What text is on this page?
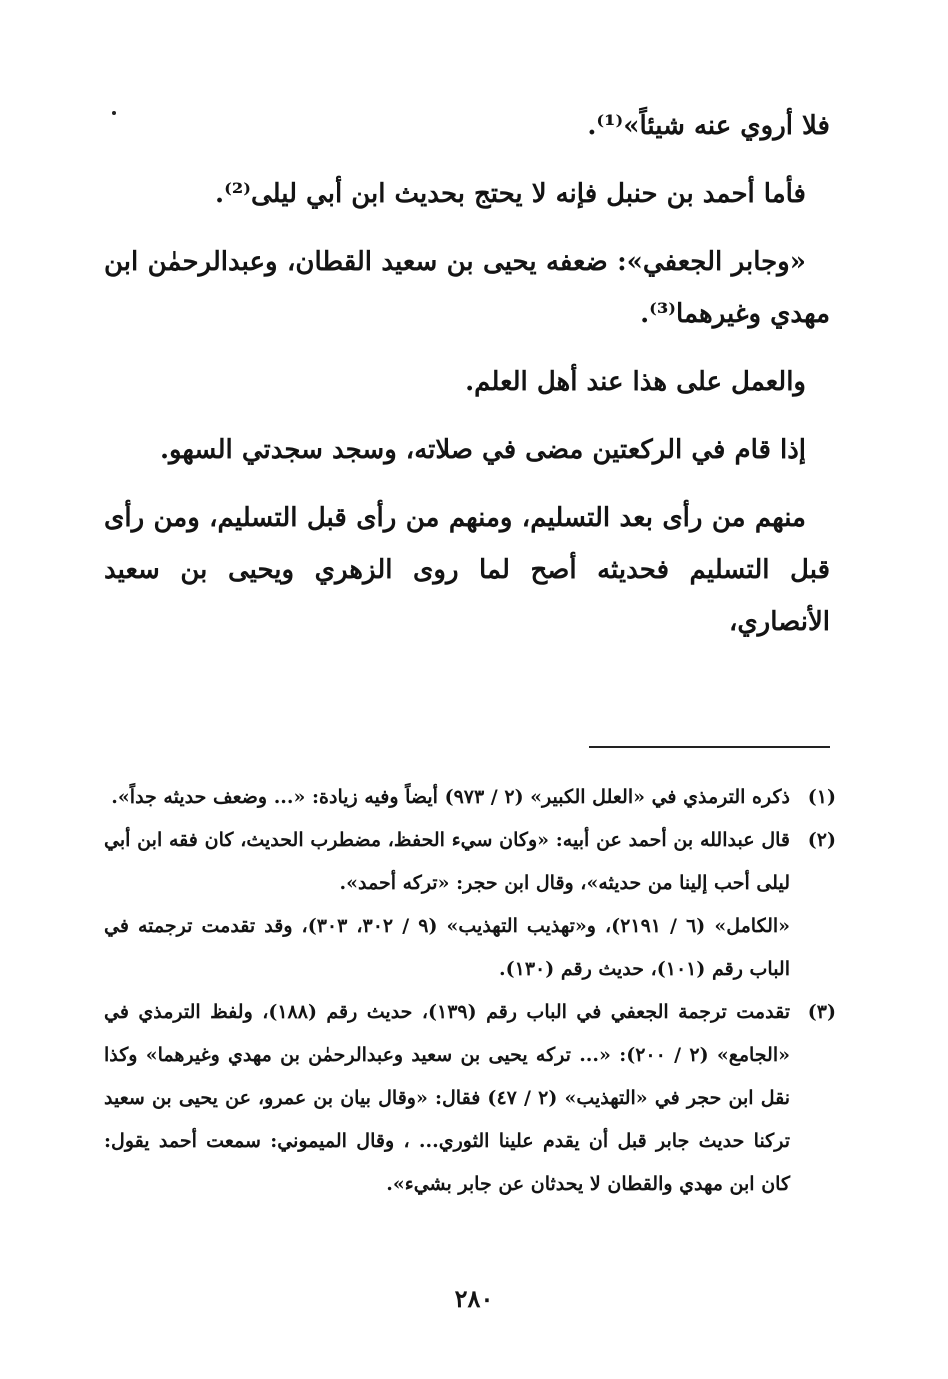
فلا أروي عنه شيئاً»⁽¹⁾.

فأما أحمد بن حنبل فإنه لا يحتج بحديث ابن أبي ليلى⁽²⁾.

«وجابر الجعفي»: ضعفه يحيى بن سعيد القطان، وعبدالرحمٰن ابن مهدي وغيرهما⁽³⁾.

والعمل على هذا عند أهل العلم.

إذا قام في الركعتين مضى في صلاته، وسجد سجدتي السهو.

منهم من رأى بعد التسليم، ومنهم من رأى قبل التسليم، ومن رأى قبل التسليم فحديثه أصح لما روى الزهري ويحيى بن سعيد الأنصاري،

(١)
ذكره الترمذي في «العلل الكبير» (٢ / ٩٧٣) أيضاً وفيه زيادة: «... وضعف حديثه جداً».
(٢)
قال عبدالله بن أحمد عن أبيه: «وكان سيء الحفظ، مضطرب الحديث، كان فقه ابن أبي ليلى أحب إلينا من حديثه»، وقال ابن حجر: «تركه أحمد».
«الكامل» (٦ / ٢١٩١)، و«تهذيب التهذيب» (٩ / ٣٠٢، ٣٠٣)، وقد تقدمت ترجمته في الباب رقم (١٠١)، حديث رقم (١٣٠).
(٣)
تقدمت ترجمة الجعفي في الباب رقم (١٣٩)، حديث رقم (١٨٨)، ولفظ الترمذي في «الجامع» (٢ / ٢٠٠): «... تركه يحيى بن سعيد وعبدالرحمٰن بن مهدي وغيرهما» وكذا نقل ابن حجر في «التهذيب» (٢ / ٤٧) فقال: «وقال بيان بن عمرو، عن يحيى بن سعيد تركنا حديث جابر قبل أن يقدم علينا الثوري... ، وقال الميموني: سمعت أحمد يقول: كان ابن مهدي والقطان لا يحدثان عن جابر بشيء».
٢٨٠
